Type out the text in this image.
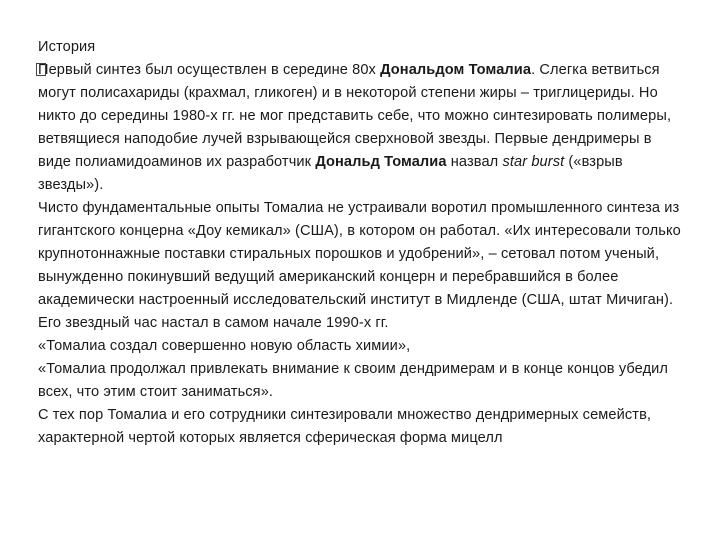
История

Первый синтез был осуществлен в середине 80х Дональдом Томалиа. Слегка ветвиться могут полисахариды (крахмал, гликоген) и в некоторой степени жиры – триглицериды. Но никто до середины 1980-х гг. не мог представить себе, что можно синтезировать полимеры, ветвящиеся наподобие лучей взрывающейся сверхновой звезды. Первые дендримеры в виде полиамидоаминов их разработчик Дональд Томалиа назвал star burst («взрыв звезды»).

Чисто фундаментальные опыты Томалиа не устраивали воротил промышленного синтеза из гигантского концерна «Доу кемикал» (США), в котором он работал. «Их интересовали только крупнотоннажные поставки стиральных порошков и удобрений», – сетовал потом ученый, вынужденно покинувший ведущий американский концерн и перебравшийся в более академически настроенный исследовательский институт в Мидленде (США, штат Мичиган). Его звездный час настал в самом начале 1990-х гг.

«Томалиа создал совершенно новую область химии»,

«Томалиа продолжал привлекать внимание к своим дендримерам и в конце концов убедил всех, что этим стоит заниматься».

С тех пор Томалиа и его сотрудники синтезировали множество дендримерных семейств, характерной чертой которых является сферическая форма мицелл
